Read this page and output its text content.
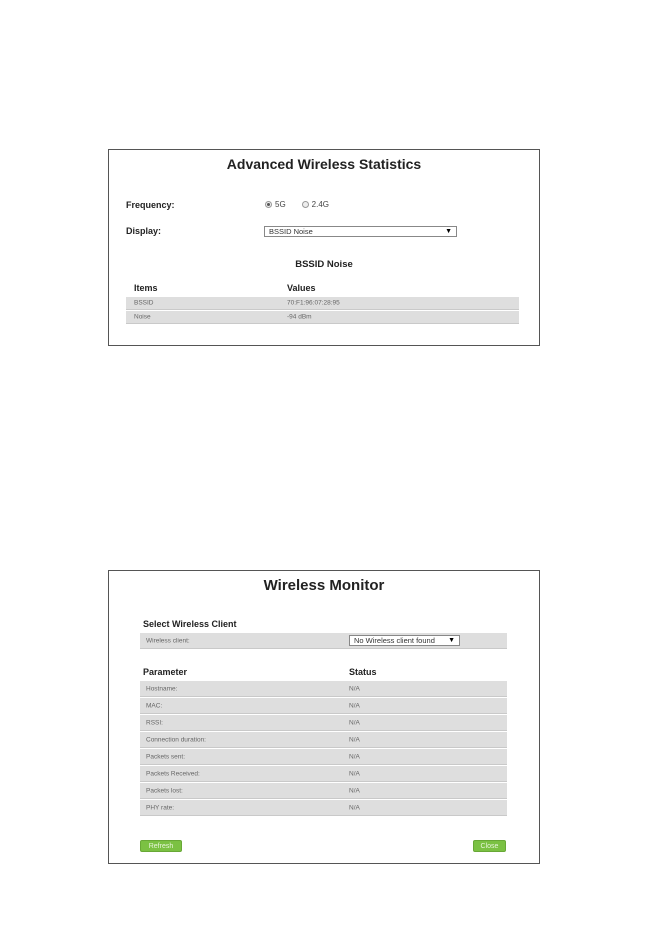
Advanced Wireless Statistics
Frequency:	5G	2.4G
Display:	BSSID Noise	▼
BSSID Noise
Items	Values
BSSID	70:F1:96:07:28:95
Noise	-94 dBm
Wireless Monitor
Select Wireless Client
Wireless client:	No Wireless client found ▼
Parameter	Status
Hostname:	N/A
MAC:	N/A
RSSI:	N/A
Connection duration:	N/A
Packets sent:	N/A
Packets Received:	N/A
Packets lost:	N/A
PHY rate:	N/A
Refresh	Close
